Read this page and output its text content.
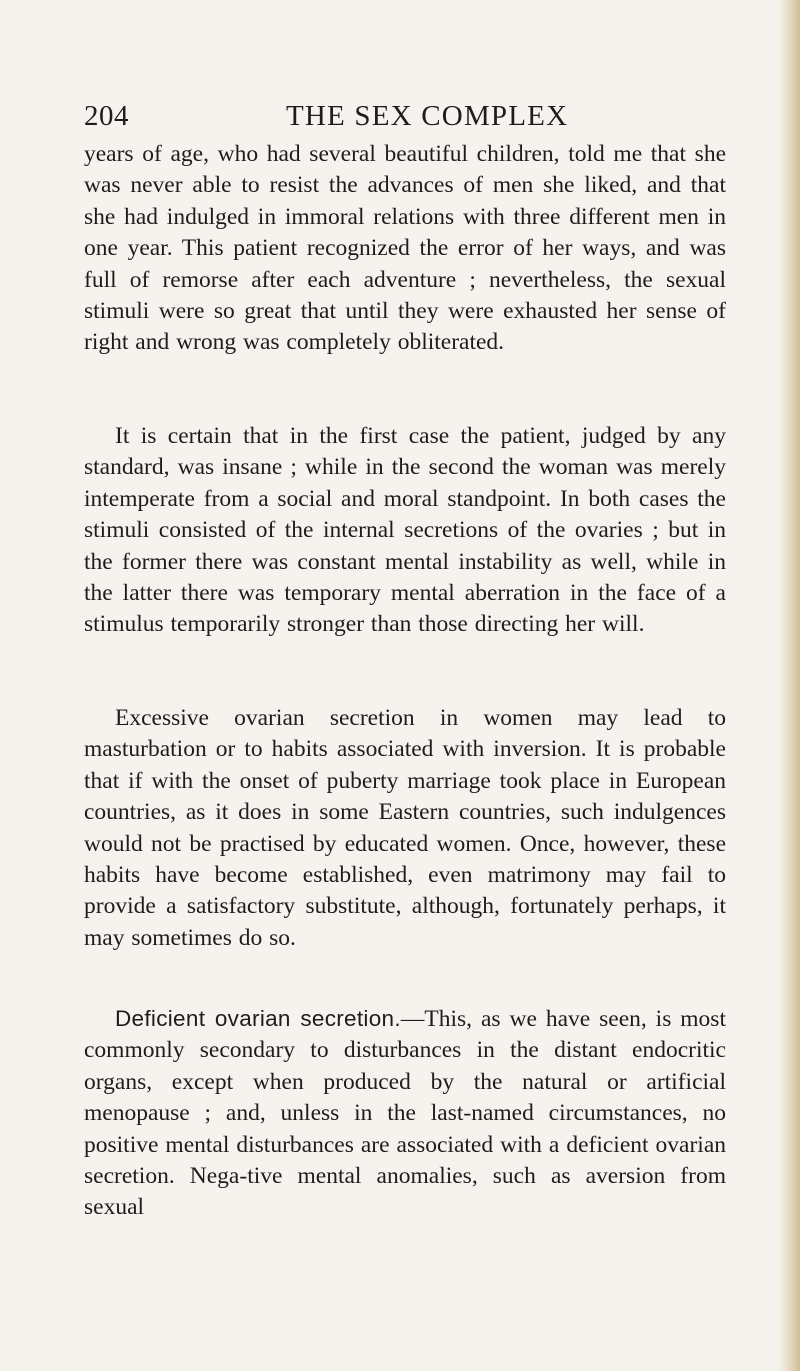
204	THE SEX COMPLEX

years of age, who had several beautiful children, told me that she was never able to resist the advances of men she liked, and that she had indulged in immoral relations with three different men in one year. This patient recognized the error of her ways, and was full of remorse after each adventure ; nevertheless, the sexual stimuli were so great that until they were exhausted her sense of right and wrong was completely obliterated.

It is certain that in the first case the patient, judged by any standard, was insane ; while in the second the woman was merely intemperate from a social and moral standpoint. In both cases the stimuli consisted of the internal secretions of the ovaries ; but in the former there was constant mental instability as well, while in the latter there was temporary mental aberration in the face of a stimulus temporarily stronger than those directing her will.

Excessive ovarian secretion in women may lead to masturbation or to habits associated with inversion. It is probable that if with the onset of puberty marriage took place in European countries, as it does in some Eastern countries, such indulgences would not be practised by educated women. Once, however, these habits have become established, even matrimony may fail to provide a satisfactory substitute, although, fortunately perhaps, it may sometimes do so.

Deficient ovarian secretion.—This, as we have seen, is most commonly secondary to disturbances in the distant endocritic organs, except when produced by the natural or artificial menopause ; and, unless in the last-named circumstances, no positive mental disturbances are associated with a deficient ovarian secretion. Nega-tive mental anomalies, such as aversion from sexual
